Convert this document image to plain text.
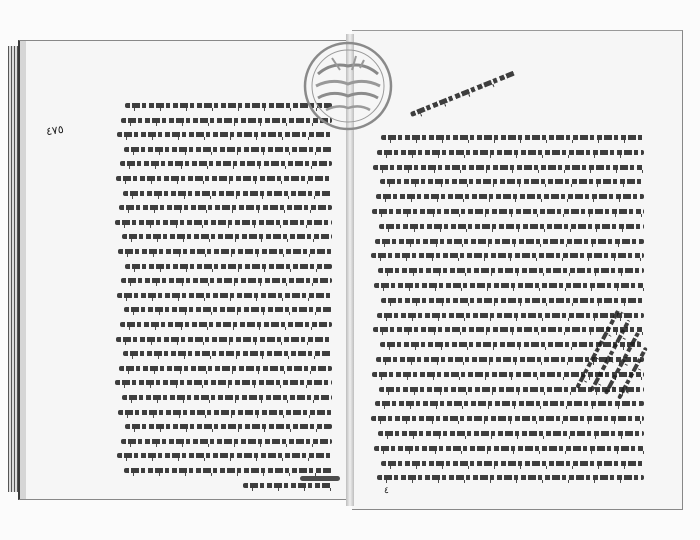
٤٧٥
٤
